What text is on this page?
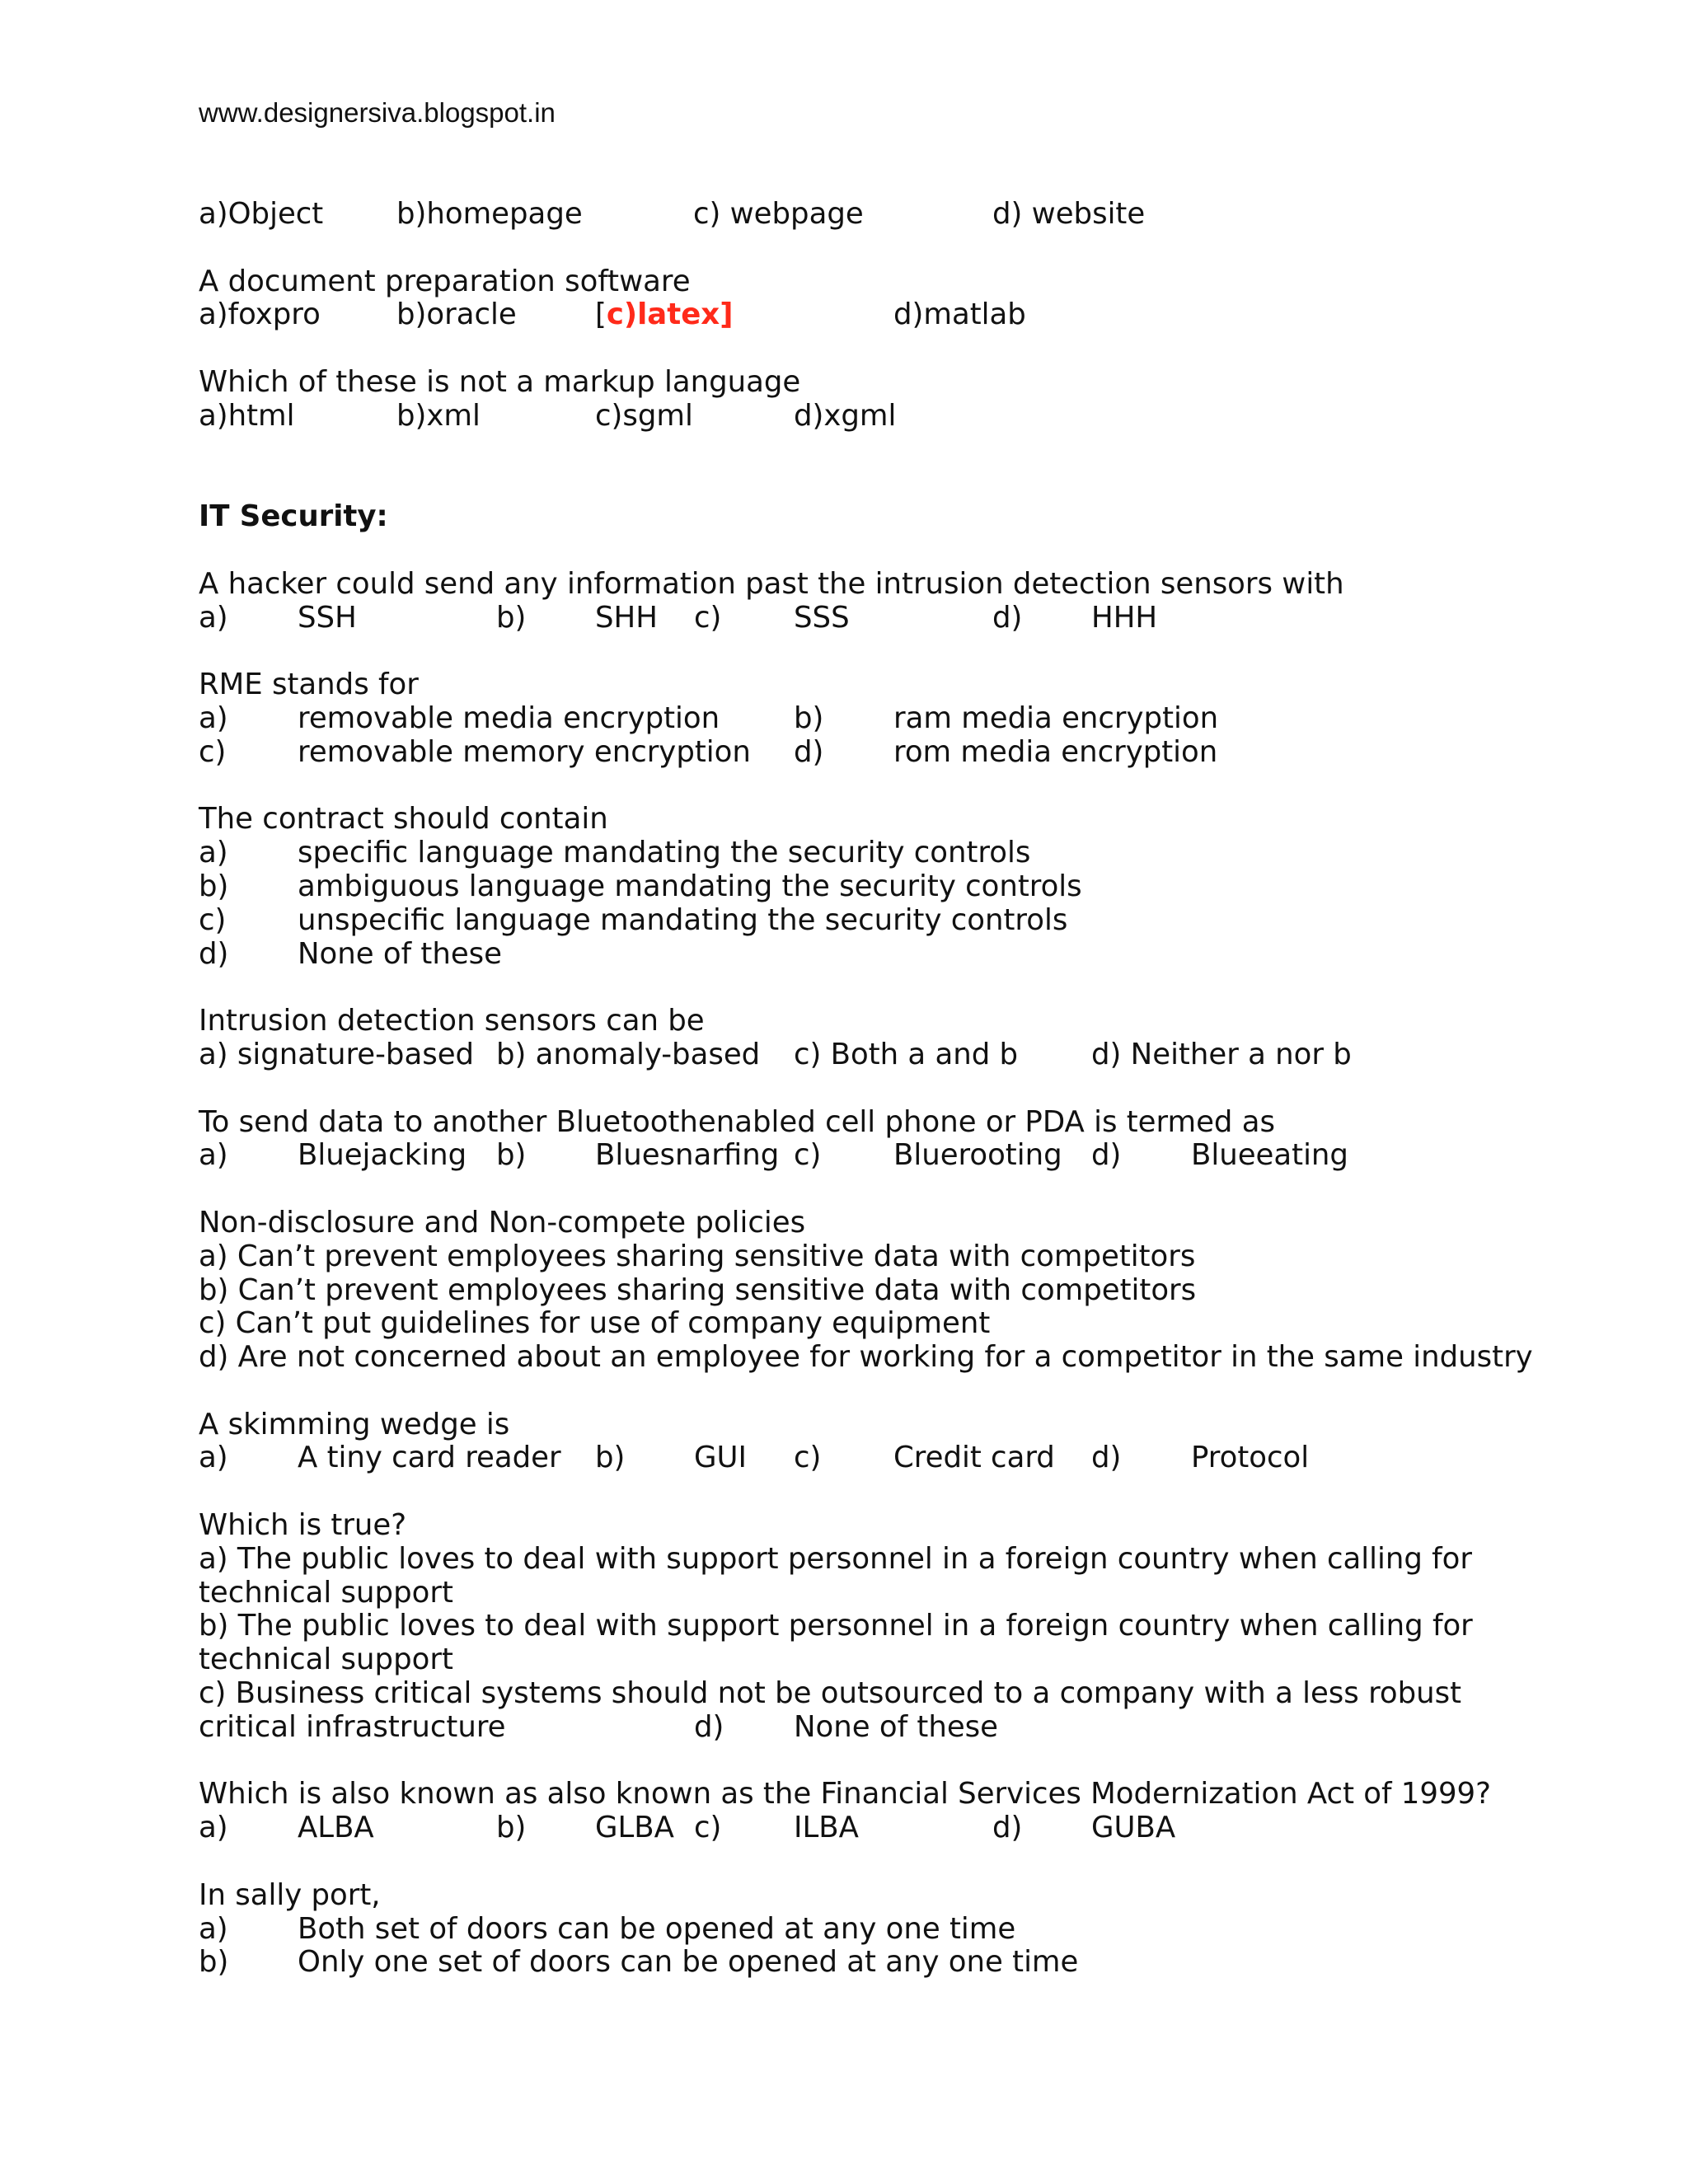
www.designersiva.blogspot.in
a)Object	b)homepage	c) webpage	d) website
A document preparation software
a)foxpro	b)oracle	[c)latex]	d)matlab
Which of these is not a markup language
a)html	b)xml	c)sgml	d)xgml
IT Security:
A hacker could send any information past the intrusion detection sensors with
a) SSH	b) SHH c) SSS	d) HHH
RME stands for
a) removable media encryption	b) ram media encryption
c) removable memory encryption d) rom media encryption
The contract should contain
a) specific language mandating the security controls
b) ambiguous language mandating the security controls
c) unspecific language mandating the security controls
d) None of these
Intrusion detection sensors can be
a) signature-based b) anomaly-based c) Both a and b	d) Neither a nor b
To send data to another Bluetoothenabled cell phone or PDA is termed as
a) Bluejacking b) Bluesnarfing c) Bluerooting d) Blueeating
Non-disclosure and Non-compete policies
a) Can’t prevent employees sharing sensitive data with competitors
b) Can’t prevent employees sharing sensitive data with competitors
c) Can’t put guidelines for use of company equipment
d) Are not concerned about an employee for working for a competitor in the same industry
A skimming wedge is
a) A tiny card reader b) GUI c) Credit card d) Protocol
Which is true?
a) The public loves to deal with support personnel in a foreign country when calling for
technical support
b) The public loves to deal with support personnel in a foreign country when calling for
technical support
c) Business critical systems should not be outsourced to a company with a less robust
critical infrastructure	d) None of these
Which is also known as also known as the Financial Services Modernization Act of 1999?
a) ALBA	b) GLBA c) ILBA	d) GUBA
In sally port,
a) Both set of doors can be opened at any one time
b) Only one set of doors can be opened at any one time
